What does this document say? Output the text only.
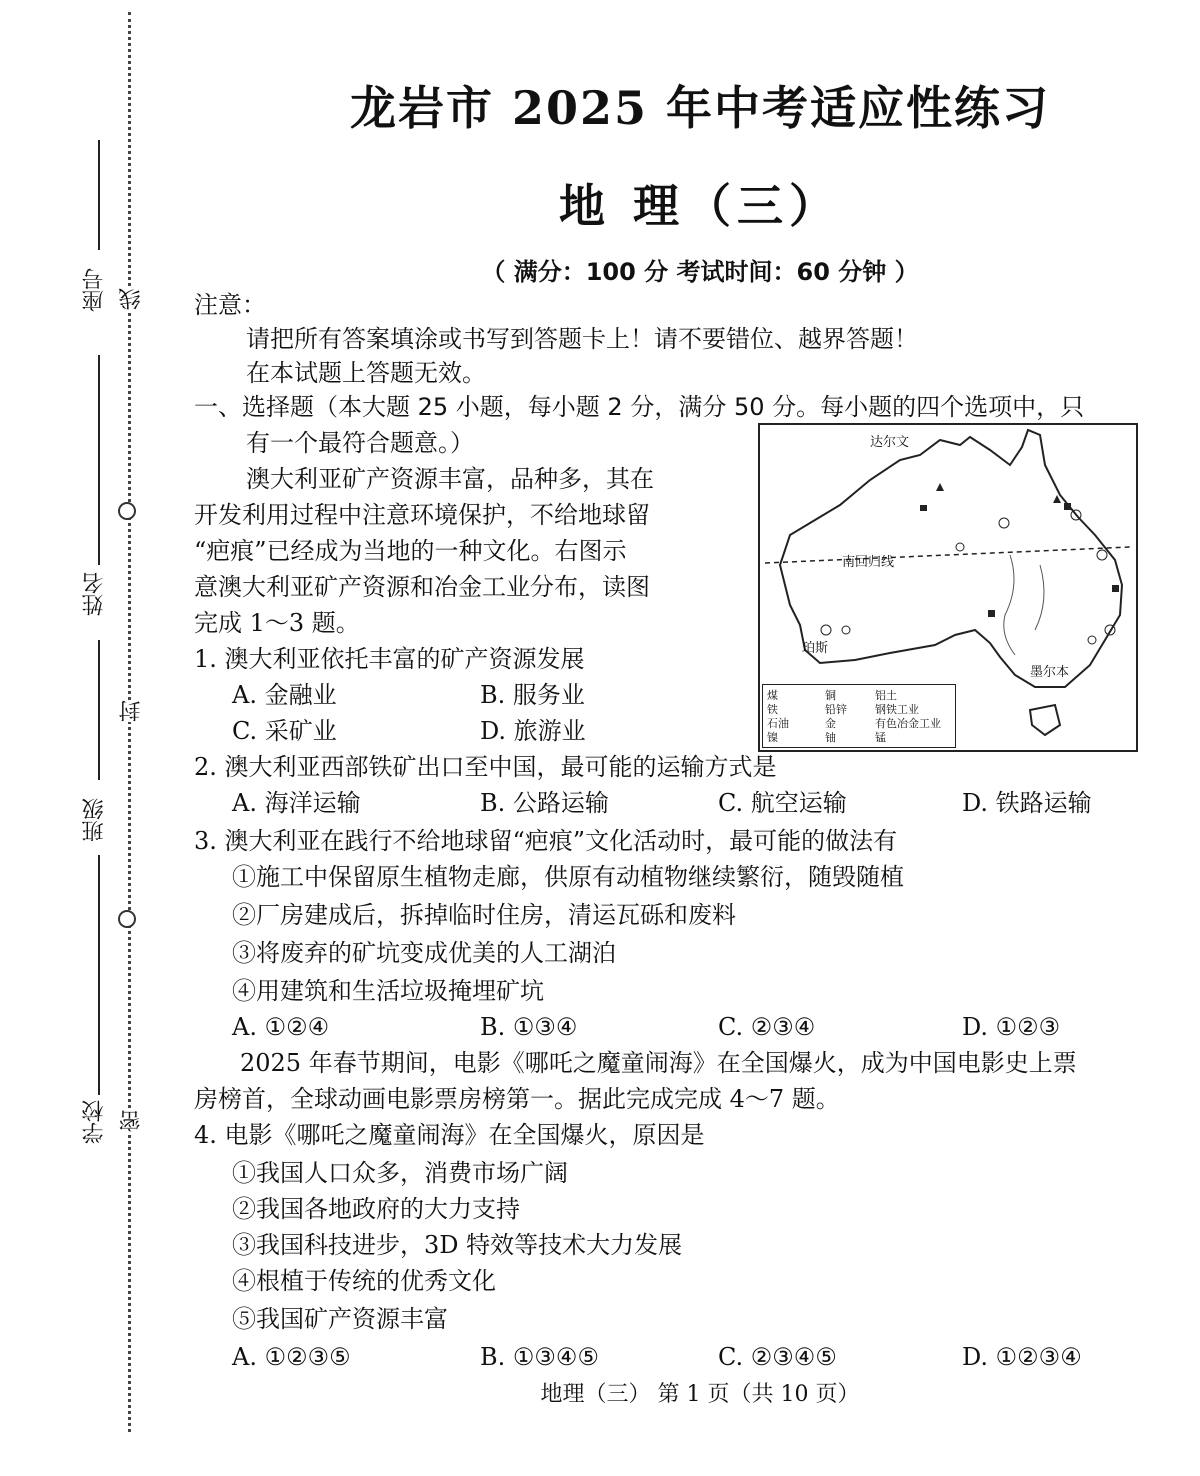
座号
姓名
班级
学校
线
封
密
龙岩市 2025 年中考适应性练习
地 理（三）
（ 满分：100 分 考试时间：60 分钟 ）
注意：
请把所有答案填涂或书写到答题卡上！请不要错位、越界答题！
在本试题上答题无效。
一、选择题（本大题 25 小题，每小题 2 分，满分 50 分。每小题的四个选项中，只
有一个最符合题意。）
澳大利亚矿产资源丰富，品种多，其在
开发利用过程中注意环境保护，不给地球留
“疤痕”已经成为当地的一种文化。右图示
意澳大利亚矿产资源和冶金工业分布，读图
完成 1～3 题。
达尔文
南回归线
珀斯
墨尔本
煤	铜	铝土
铁	铅锌	钢铁工业
石油	金	有色冶金工业
镍	铀	锰
1. 澳大利亚依托丰富的矿产资源发展
A. 金融业	B. 服务业
C. 采矿业	D. 旅游业
2. 澳大利亚西部铁矿出口至中国，最可能的运输方式是
A. 海洋运输	B. 公路运输	C. 航空运输	D. 铁路运输
3. 澳大利亚在践行不给地球留“疤痕”文化活动时，最可能的做法有
①施工中保留原生植物走廊，供原有动植物继续繁衍，随毁随植
②厂房建成后，拆掉临时住房，清运瓦砾和废料
③将废弃的矿坑变成优美的人工湖泊
④用建筑和生活垃圾掩埋矿坑
A. ①②④	B. ①③④	C. ②③④	D. ①②③
2025 年春节期间，电影《哪吒之魔童闹海》在全国爆火，成为中国电影史上票
房榜首，全球动画电影票房榜第一。据此完成完成 4～7 题。
4. 电影《哪吒之魔童闹海》在全国爆火，原因是
①我国人口众多，消费市场广阔
②我国各地政府的大力支持
③我国科技进步，3D 特效等技术大力发展
④根植于传统的优秀文化
⑤我国矿产资源丰富
A. ①②③⑤	B. ①③④⑤	C. ②③④⑤	D. ①②③④
地理（三） 第 1 页（共 10 页）
